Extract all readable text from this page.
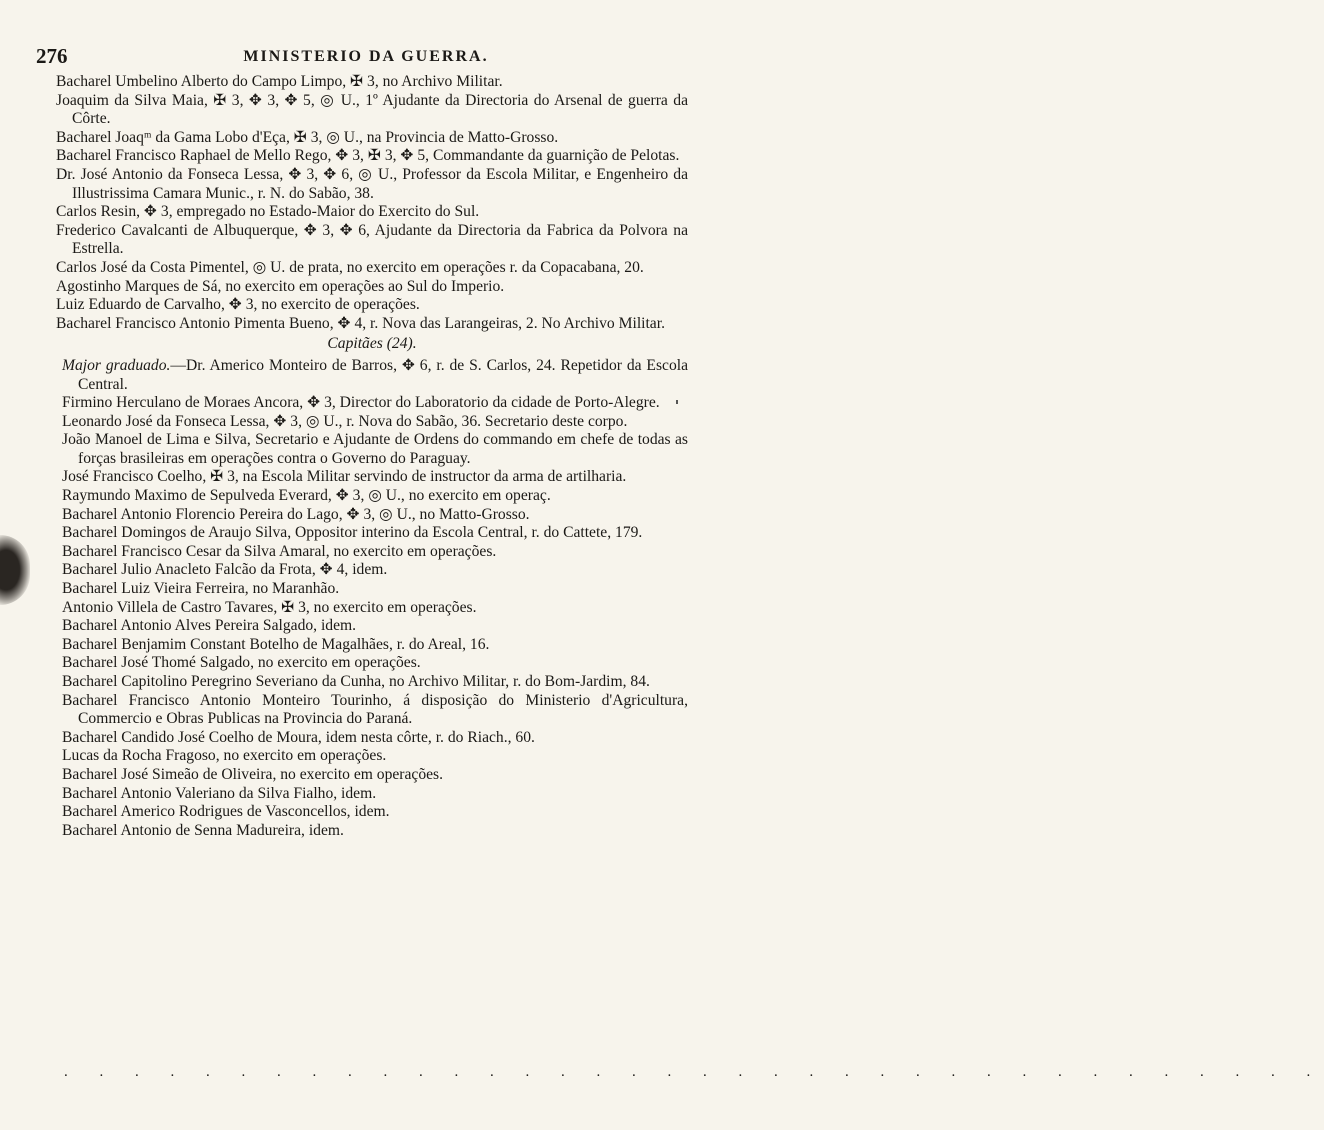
276	MINISTERIO DA GUERRA.

Bacharel Umbelino Alberto do Campo Limpo, ✠ 3, no Archivo Militar.

Joaquim da Silva Maia, ✠ 3, ✥ 3, ✥ 5, ◎ U., 1º Ajudante da Directoria do Arsenal de guerra da Côrte.

Bacharel Joaqᵐ da Gama Lobo d'Eça, ✠ 3, ◎ U., na Provincia de Matto-Grosso.

Bacharel Francisco Raphael de Mello Rego, ✥ 3, ✠ 3, ✥ 5, Commandante da guarnição de Pelotas.

Dr. José Antonio da Fonseca Lessa, ✥ 3, ✥ 6, ◎ U., Professor da Escola Militar, e Engenheiro da Illustrissima Camara Munic., r. N. do Sabão, 38.

Carlos Resin, ✥ 3, empregado no Estado-Maior do Exercito do Sul.

Frederico Cavalcanti de Albuquerque, ✥ 3, ✥ 6, Ajudante da Directoria da Fabrica da Polvora na Estrella.

Carlos José da Costa Pimentel, ◎ U. de prata, no exercito em operações r. da Copacabana, 20.

Agostinho Marques de Sá, no exercito em operações ao Sul do Imperio.

Luiz Eduardo de Carvalho, ✥ 3, no exercito de operações.

Bacharel Francisco Antonio Pimenta Bueno, ✥ 4, r. Nova das Larangeiras, 2. No Archivo Militar.

Capitães (24).

Major graduado.—Dr. Americo Monteiro de Barros, ✥ 6, r. de S. Carlos, 24. Repetidor da Escola Central.

Firmino Herculano de Moraes Ancora, ✥ 3, Director do Laboratorio da cidade de Porto-Alegre.

Leonardo José da Fonseca Lessa, ✥ 3, ◎ U., r. Nova do Sabão, 36. Secretario deste corpo.

João Manoel de Lima e Silva, Secretario e Ajudante de Ordens do commando em chefe de todas as forças brasileiras em operações contra o Governo do Paraguay.

José Francisco Coelho, ✠ 3, na Escola Militar servindo de instructor da arma de artilharia.

Raymundo Maximo de Sepulveda Everard, ✥ 3, ◎ U., no exercito em operaç.

Bacharel Antonio Florencio Pereira do Lago, ✥ 3, ◎ U., no Matto-Grosso.

Bacharel Domingos de Araujo Silva, Oppositor interino da Escola Central, r. do Cattete, 179.

Bacharel Francisco Cesar da Silva Amaral, no exercito em operações.

Bacharel Julio Anacleto Falcão da Frota, ✥ 4, idem.

Bacharel Luiz Vieira Ferreira, no Maranhão.

Antonio Villela de Castro Tavares, ✠ 3, no exercito em operações.

Bacharel Antonio Alves Pereira Salgado, idem.

Bacharel Benjamim Constant Botelho de Magalhães, r. do Areal, 16.

Bacharel José Thomé Salgado, no exercito em operações.

Bacharel Capitolino Peregrino Severiano da Cunha, no Archivo Militar, r. do Bom-Jardim, 84.

Bacharel Francisco Antonio Monteiro Tourinho, á disposição do Ministerio d'Agricultura, Commercio e Obras Publicas na Provincia do Paraná.

Bacharel Candido José Coelho de Moura, idem nesta côrte, r. do Riach., 60.

Lucas da Rocha Fragoso, no exercito em operações.

Bacharel José Simeão de Oliveira, no exercito em operações.

Bacharel Antonio Valeriano da Silva Fialho, idem.

Bacharel Americo Rodrigues de Vasconcellos, idem.

Bacharel Antonio de Senna Madureira, idem.

. . . . . . . . . . . . . . . . . . . . . . . . . . . . . . . . . . . .
